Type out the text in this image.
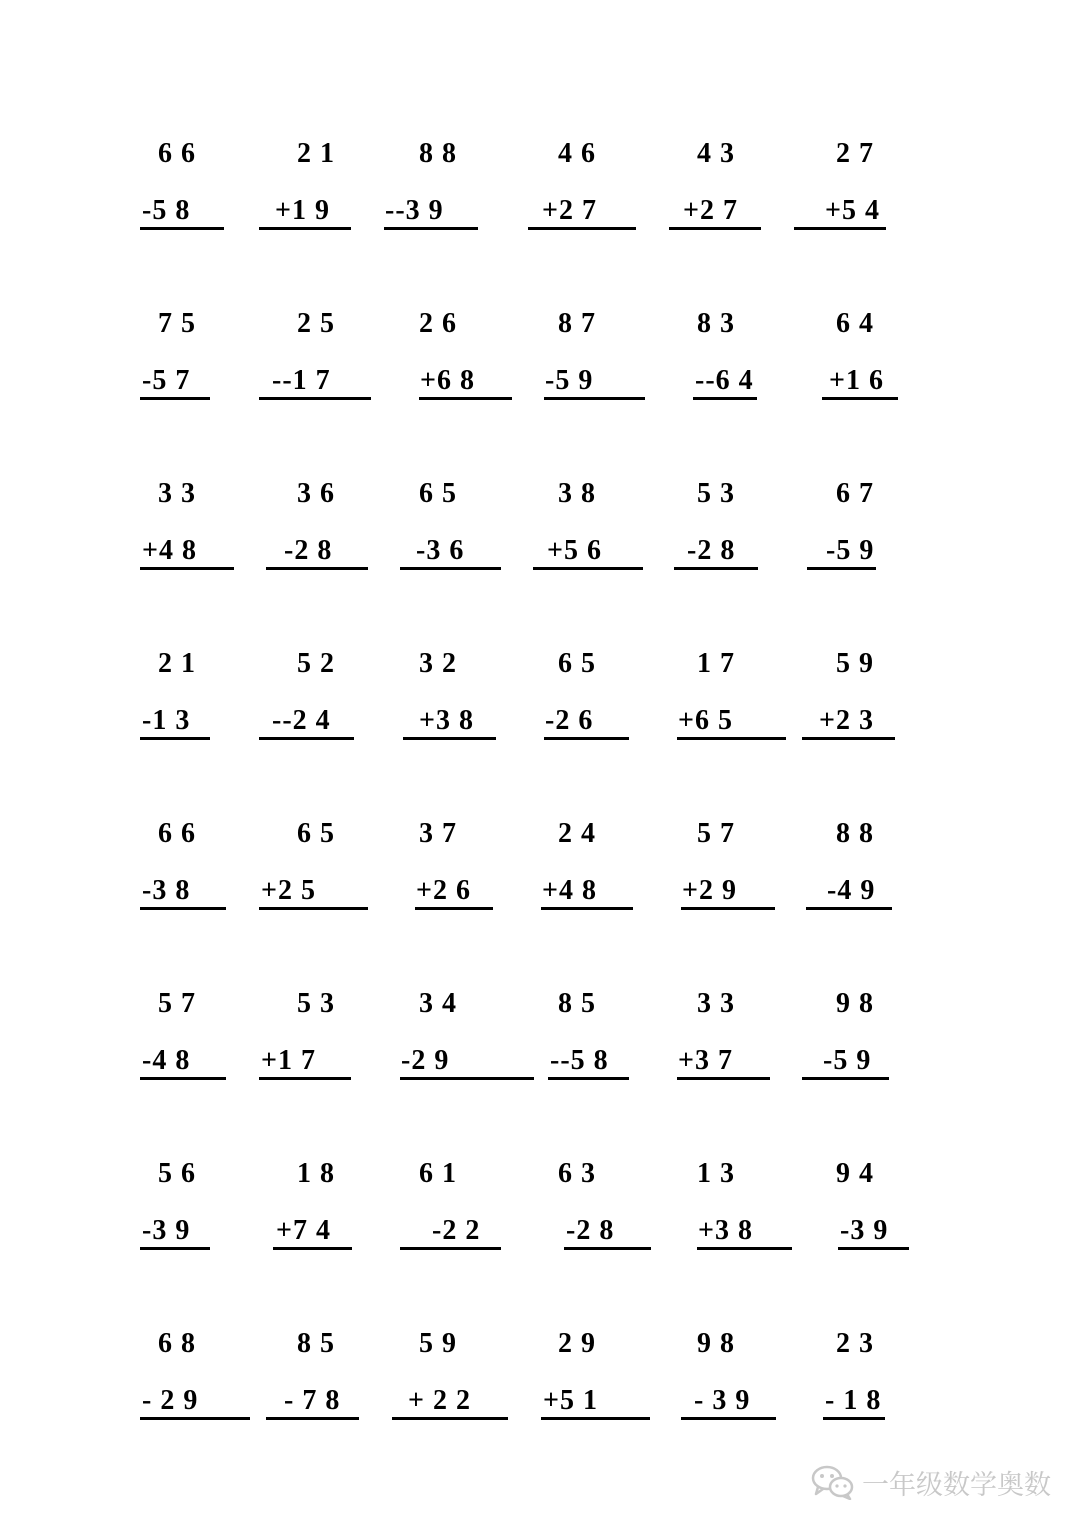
6 6
-5 8
2 1
+1 9
8 8
--3 9
4 6
+2 7
4 3
+2 7
2 7
+5 4
7 5
-5 7
2 5
--1 7
2 6
+6 8
8 7
-5 9
8 3
--6 4
6 4
+1 6
3 3
+4 8
3 6
-2 8
6 5
-3 6
3 8
+5 6
5 3
-2 8
6 7
-5 9
2 1
-1 3
5 2
--2 4
3 2
+3 8
6 5
-2 6
1 7
+6 5
5 9
+2 3
6 6
-3 8
6 5
+2 5
3 7
+2 6
2 4
+4 8
5 7
+2 9
8 8
-4 9
5 7
-4 8
5 3
+1 7
3 4
-2 9
8 5
--5 8
3 3
+3 7
9 8
-5 9
5 6
-3 9
1 8
+7 4
6 1
-2 2
6 3
-2 8
1 3
+3 8
9 4
-3 9
6 8
- 2 9
8 5
- 7 8
5 9
+ 2 2
2 9
+5 1
9 8
- 3 9
2 3
- 1 8
一年级数学奥数
